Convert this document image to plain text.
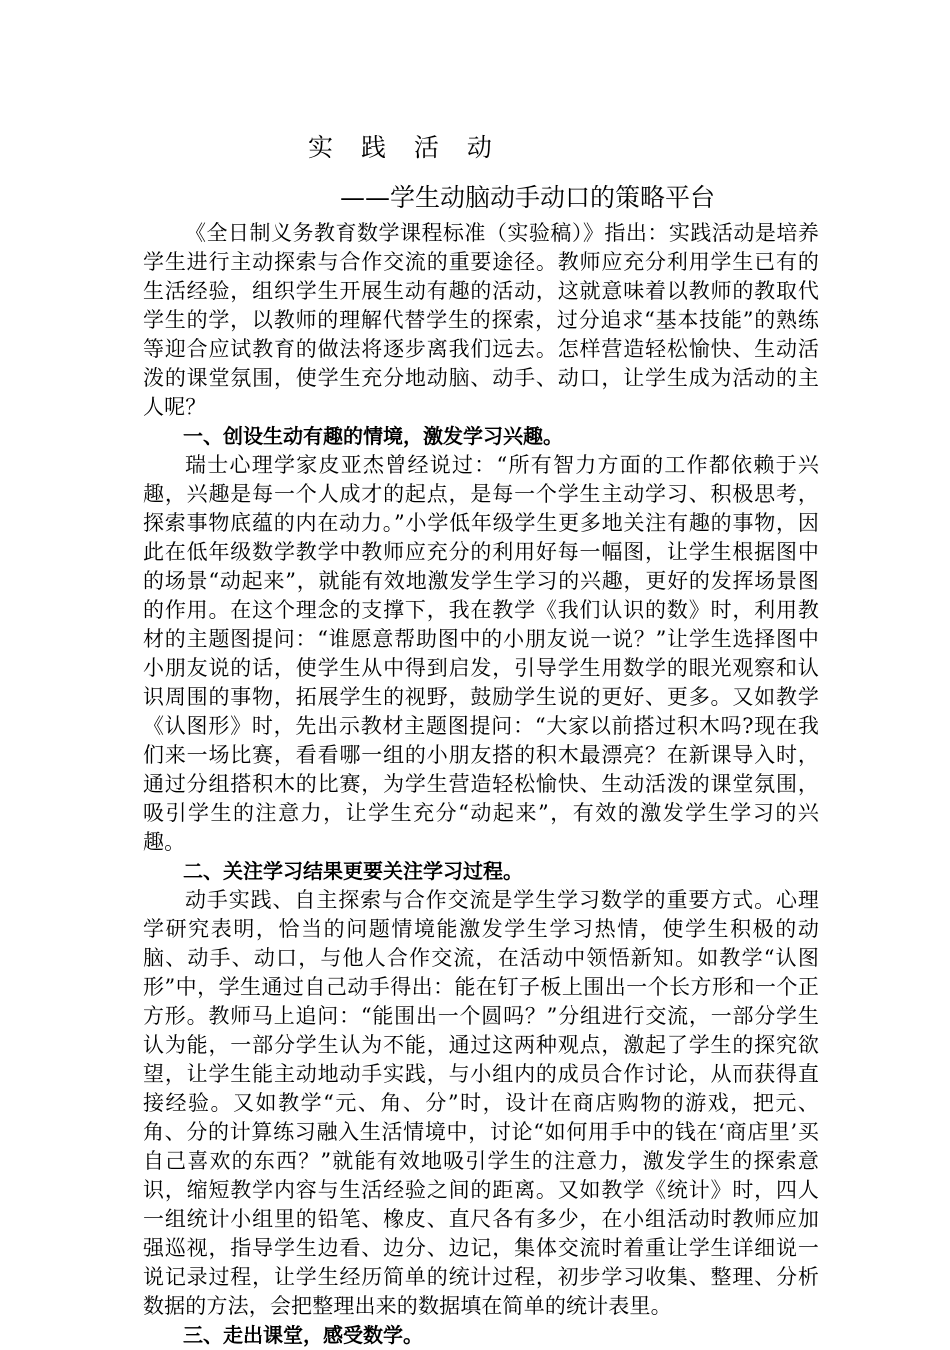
实 践 活 动
——学生动脑动手动口的策略平台

《全日制义务教育数学课程标准（实验稿）》指出：实践活动是培养学生进行主动探索与合作交流的重要途径。教师应充分利用学生已有的生活经验，组织学生开展生动有趣的活动，这就意味着以教师的教取代学生的学，以教师的理解代替学生的探索，过分追求“基本技能”的熟练等迎合应试教育的做法将逐步离我们远去。怎样营造轻松愉快、生动活泼的课堂氛围，使学生充分地动脑、动手、动口，让学生成为活动的主人呢？

一、创设生动有趣的情境，激发学习兴趣。

瑞士心理学家皮亚杰曾经说过：“所有智力方面的工作都依赖于兴趣，兴趣是每一个人成才的起点，是每一个学生主动学习、积极思考，探索事物底蕴的内在动力。”小学低年级学生更多地关注有趣的事物，因此在低年级数学教学中教师应充分的利用好每一幅图，让学生根据图中的场景“动起来”，就能有效地激发学生学习的兴趣，更好的发挥场景图的作用。在这个理念的支撑下，我在教学《我们认识的数》时，利用教材的主题图提问：“谁愿意帮助图中的小朋友说一说？”让学生选择图中小朋友说的话，使学生从中得到启发，引导学生用数学的眼光观察和认识周围的事物，拓展学生的视野，鼓励学生说的更好、更多。又如教学《认图形》时，先出示教材主题图提问：“大家以前搭过积木吗?现在我们来一场比赛，看看哪一组的小朋友搭的积木最漂亮？在新课导入时，通过分组搭积木的比赛，为学生营造轻松愉快、生动活泼的课堂氛围，吸引学生的注意力，让学生充分“动起来”，有效的激发学生学习的兴趣。

二、关注学习结果更要关注学习过程。

动手实践、自主探索与合作交流是学生学习数学的重要方式。心理学研究表明，恰当的问题情境能激发学生学习热情，使学生积极的动脑、动手、动口，与他人合作交流，在活动中领悟新知。如教学“认图形”中，学生通过自己动手得出：能在钉子板上围出一个长方形和一个正方形。教师马上追问：“能围出一个圆吗？”分组进行交流，一部分学生认为能，一部分学生认为不能，通过这两种观点，激起了学生的探究欲望，让学生能主动地动手实践，与小组内的成员合作讨论，从而获得直接经验。又如教学“元、角、分”时，设计在商店购物的游戏，把元、角、分的计算练习融入生活情境中，讨论“如何用手中的钱在‘商店里’买自己喜欢的东西？”就能有效地吸引学生的注意力，激发学生的探索意识，缩短教学内容与生活经验之间的距离。又如教学《统计》时，四人一组统计小组里的铅笔、橡皮、直尺各有多少，在小组活动时教师应加强巡视，指导学生边看、边分、边记，集体交流时着重让学生详细说一说记录过程，让学生经历简单的统计过程，初步学习收集、整理、分析数据的方法，会把整理出来的数据填在简单的统计表里。

三、走出课堂，感受数学。
